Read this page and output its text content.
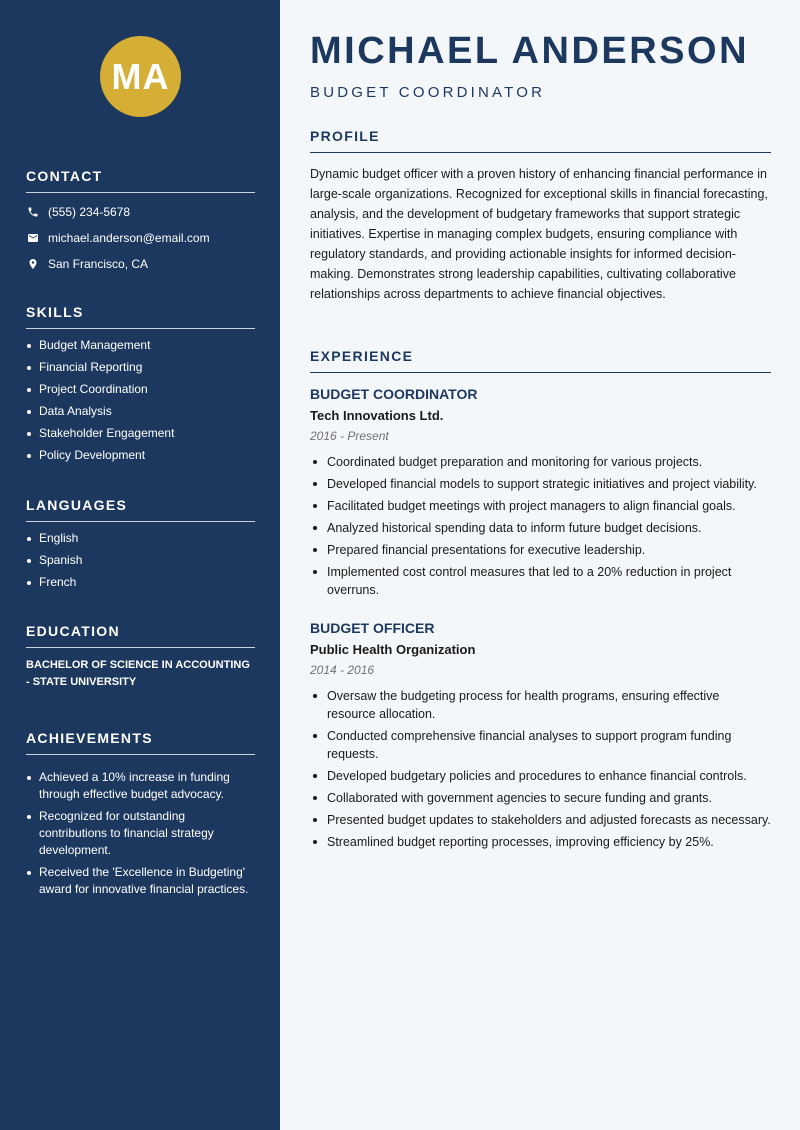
MA
CONTACT
(555) 234-5678
michael.anderson@email.com
San Francisco, CA
SKILLS
Budget Management
Financial Reporting
Project Coordination
Data Analysis
Stakeholder Engagement
Policy Development
LANGUAGES
English
Spanish
French
EDUCATION
BACHELOR OF SCIENCE IN ACCOUNTING - STATE UNIVERSITY
ACHIEVEMENTS
Achieved a 10% increase in funding through effective budget advocacy.
Recognized for outstanding contributions to financial strategy development.
Received the 'Excellence in Budgeting' award for innovative financial practices.
MICHAEL ANDERSON
BUDGET COORDINATOR
PROFILE

Dynamic budget officer with a proven history of enhancing financial performance in large-scale organizations. Recognized for exceptional skills in financial forecasting, analysis, and the development of budgetary frameworks that support strategic initiatives. Expertise in managing complex budgets, ensuring compliance with regulatory standards, and providing actionable insights for informed decision-making. Demonstrates strong leadership capabilities, cultivating collaborative relationships across departments to achieve financial objectives.

EXPERIENCE
BUDGET COORDINATOR
Tech Innovations Ltd.
2016 - Present
Coordinated budget preparation and monitoring for various projects.
Developed financial models to support strategic initiatives and project viability.
Facilitated budget meetings with project managers to align financial goals.
Analyzed historical spending data to inform future budget decisions.
Prepared financial presentations for executive leadership.
Implemented cost control measures that led to a 20% reduction in project overruns.
BUDGET OFFICER
Public Health Organization
2014 - 2016
Oversaw the budgeting process for health programs, ensuring effective resource allocation.
Conducted comprehensive financial analyses to support program funding requests.
Developed budgetary policies and procedures to enhance financial controls.
Collaborated with government agencies to secure funding and grants.
Presented budget updates to stakeholders and adjusted forecasts as necessary.
Streamlined budget reporting processes, improving efficiency by 25%.
